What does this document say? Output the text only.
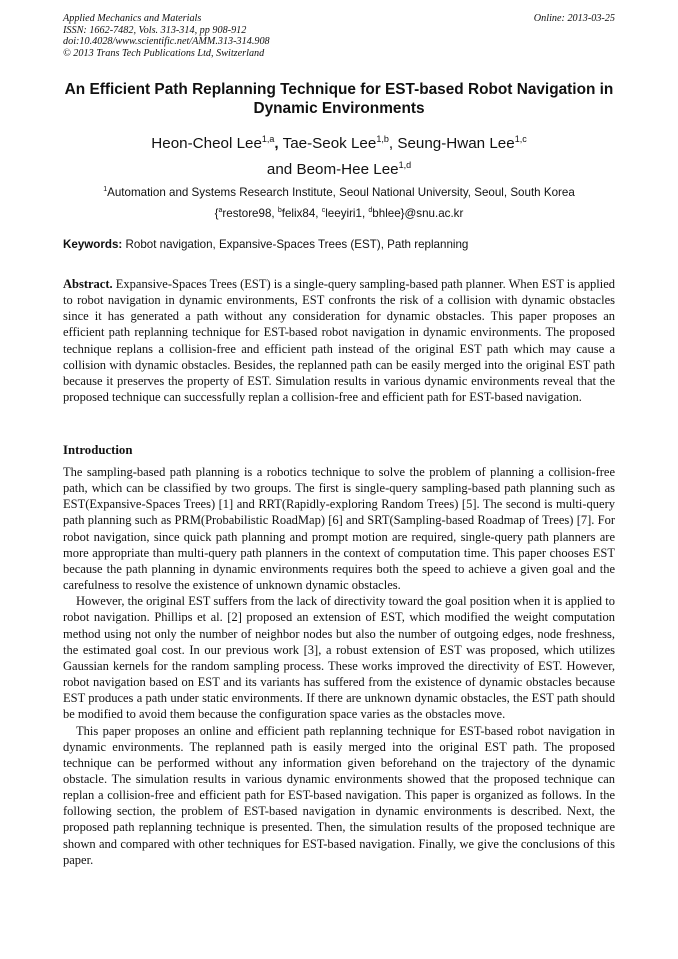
Applied Mechanics and Materials
ISSN: 1662-7482, Vols. 313-314, pp 908-912
doi:10.4028/www.scientific.net/AMM.313-314.908
© 2013 Trans Tech Publications Ltd, Switzerland
Online: 2013-03-25
An Efficient Path Replanning Technique for EST-based Robot Navigation in Dynamic Environments
Heon-Cheol Lee$^{1,a}$, Tae-Seok Lee$^{1,b}$, Seung-Hwan Lee$^{1,c}$
and Beom-Hee Lee$^{1,d}$
$^1$Automation and Systems Research Institute, Seoul National University, Seoul, South Korea
{$^a$restore98, $^b$felix84, $^c$leeyiri1, $^d$bhlee}@snu.ac.kr
Keywords: Robot navigation, Expansive-Spaces Trees (EST), Path replanning
Abstract. Expansive-Spaces Trees (EST) is a single-query sampling-based path planner. When EST is applied to robot navigation in dynamic environments, EST confronts the risk of a collision with dynamic obstacles since it has generated a path without any consideration for dynamic obstacles. This paper proposes an efficient path replanning technique for EST-based robot navigation in dynamic environments. The proposed technique replans a collision-free and efficient path instead of the original EST path which may cause a collision with dynamic obstacles. Besides, the replanned path can be easily merged into the original EST path because it preserves the property of EST. Simulation results in various dynamic environments reveal that the proposed technique can successfully replan a collision-free and efficient path for EST-based navigation.
Introduction

The sampling-based path planning is a robotics technique to solve the problem of planning a collision-free path, which can be classified by two groups. The first is single-query sampling-based path planning such as EST(Expansive-Spaces Trees) [1] and RRT(Rapidly-exploring Random Trees) [5]. The second is multi-query path planning such as PRM(Probabilistic RoadMap) [6] and SRT(Sampling-based Roadmap of Trees) [7]. For robot navigation, since quick path planning and prompt motion are required, single-query path planners are more appropriate than multi-query path planners in the context of computation time. This paper chooses EST because the path planning in dynamic environments requires both the speed to achieve a given goal and the carefulness to resolve the existence of unknown dynamic obstacles.

However, the original EST suffers from the lack of directivity toward the goal position when it is applied to robot navigation. Phillips et al. [2] proposed an extension of EST, which modified the weight computation method using not only the number of neighbor nodes but also the number of outgoing edges, node freshness, the estimated goal cost. In our previous work [3], a robust extension of EST was proposed, which utilizes Gaussian kernels for the random sampling process. These works improved the directivity of EST. However, robot navigation based on EST and its variants has suffered from the existence of dynamic obstacles because EST produces a path under static environments. If there are unknown dynamic obstacles, the EST path should be modified to avoid them because the configuration space varies as the obstacles move.

This paper proposes an online and efficient path replanning technique for EST-based robot navigation in dynamic environments. The replanned path is easily merged into the original EST path. The proposed technique can be performed without any information given beforehand on the trajectory of the dynamic obstacle. The simulation results in various dynamic environments showed that the proposed technique can replan a collision-free and efficient path for EST-based navigation. This paper is organized as follows. In the following section, the problem of EST-based navigation in dynamic environments is described. Next, the proposed path replanning technique is presented. Then, the simulation results of the proposed technique are shown and compared with other techniques for EST-based navigation. Finally, we give the conclusions of this paper.
